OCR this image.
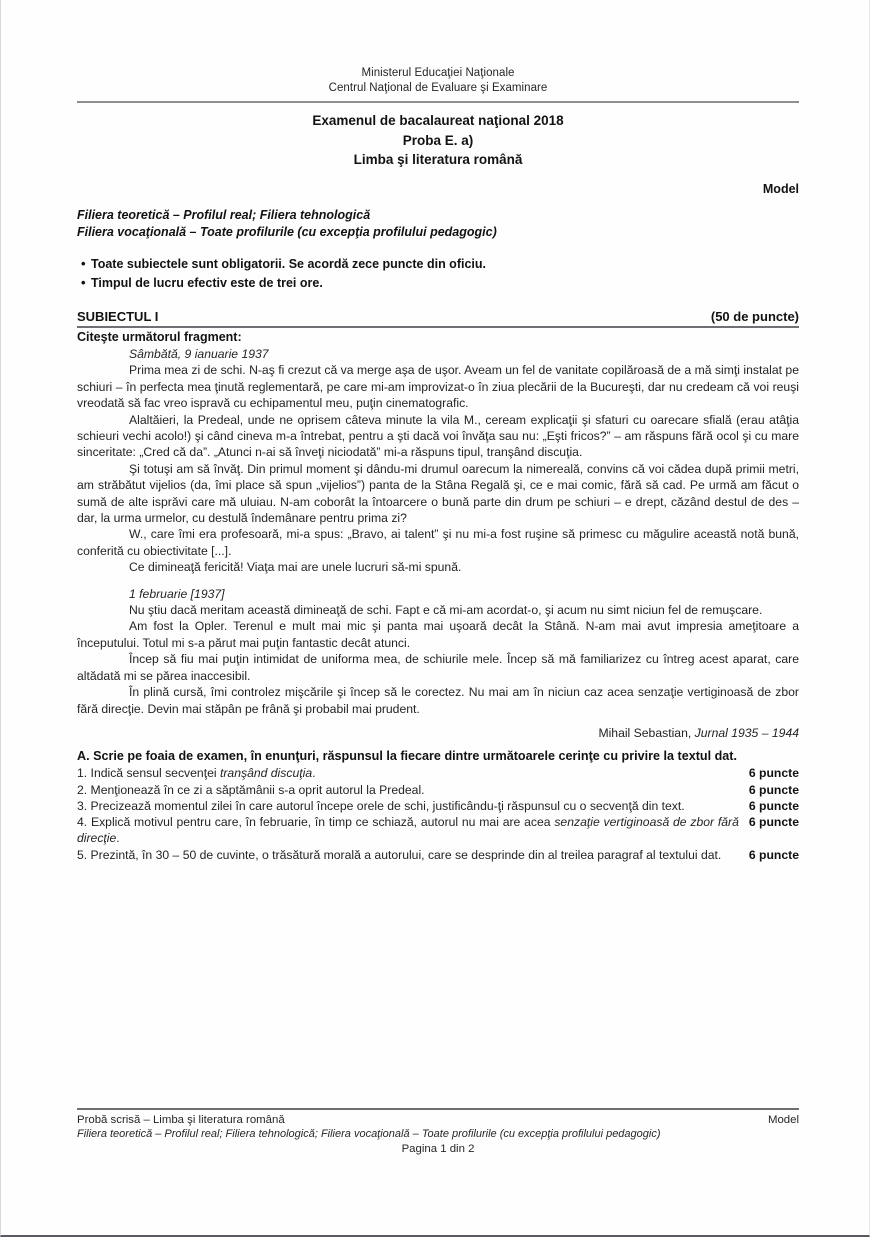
Ministerul Educaţiei Naţionale
Centrul Naţional de Evaluare şi Examinare
Examenul de bacalaureat naţional 2018
Proba E. a)
Limba şi literatura română
Model
Filiera teoretică – Profilul real; Filiera tehnologică
Filiera vocaţională – Toate profilurile (cu excepţia profilului pedagogic)
• Toate subiectele sunt obligatorii. Se acordă zece puncte din oficiu.
• Timpul de lucru efectiv este de trei ore.
SUBIECTUL I	(50 de puncte)
Citeşte următorul fragment:

Sâmbătă, 9 ianuarie 1937

Prima mea zi de schi. N-aş fi crezut că va merge aşa de uşor. Aveam un fel de vanitate copilăroasă de a mă simţi instalat pe schiuri – în perfecta mea ţinută reglementară, pe care mi-am improvizat-o în ziua plecării de la Bucureşti, dar nu credeam că voi reuşi vreodată să fac vreo ispravă cu echipamentul meu, puţin cinematografic.

Alaltăieri, la Predeal, unde ne oprisem câteva minute la vila M., ceream explicaţii şi sfaturi cu oarecare sfială (erau atâţia schieuri vechi acolo!) şi când cineva m-a întrebat, pentru a şti dacă voi învăţa sau nu: „Eşti fricos?” – am răspuns fără ocol şi cu mare sinceritate: „Cred că da”. „Atunci n-ai să înveţi niciodată” mi-a răspuns tipul, tranşând discuţia.

Şi totuşi am să învăţ. Din primul moment şi dându-mi drumul oarecum la nimereală, convins că voi cădea după primii metri, am străbătut vijelios (da, îmi place să spun „vijelios”) panta de la Stâna Regală şi, ce e mai comic, fără să cad. Pe urmă am făcut o sumă de alte isprăvi care mă uluiau. N-am coborât la întoarcere o bună parte din drum pe schiuri – e drept, căzând destul de des – dar, la urma urmelor, cu destulă îndemânare pentru prima zi?

W., care îmi era profesoară, mi-a spus: „Bravo, ai talent” şi nu mi-a fost ruşine să primesc cu măgulire această notă bună, conferită cu obiectivitate [...].

Ce dimineaţă fericită! Viaţa mai are unele lucruri să-mi spună.

1 februarie [1937]

Nu ştiu dacă meritam această dimineaţă de schi. Fapt e că mi-am acordat-o, şi acum nu simt niciun fel de remuşcare.

Am fost la Opler. Terenul e mult mai mic şi panta mai uşoară decât la Stână. N-am mai avut impresia ameţitoare a începutului. Totul mi s-a părut mai puţin fantastic decât atunci.

Încep să fiu mai puţin intimidat de uniforma mea, de schiurile mele. Încep să mă familiarizez cu întreg acest aparat, care altădată mi se părea inaccesibil.

În plină cursă, îmi controlez mişcările şi încep să le corectez. Nu mai am în niciun caz acea senzaţie vertiginoasă de zbor fără direcţie. Devin mai stăpân pe frână şi probabil mai prudent.

Mihail Sebastian, Jurnal 1935 – 1944
A. Scrie pe foaia de examen, în enunţuri, răspunsul la fiecare dintre următoarele cerinţe cu privire la textul dat.
6 puncte
1. Indică sensul secvenţei tranşând discuţia.
6 puncte
2. Menţionează în ce zi a săptămânii s-a oprit autorul la Predeal.
6 puncte
3. Precizează momentul zilei în care autorul începe orele de schi, justificându-ţi răspunsul cu o secvenţă din text.
6 puncte
4. Explică motivul pentru care, în februarie, în timp ce schiază, autorul nu mai are acea senzaţie vertiginoasă de zbor fără direcţie.
6 puncte
5. Prezintă, în 30 – 50 de cuvinte, o trăsătură morală a autorului, care se desprinde din al treilea paragraf al textului dat.
Probă scrisă – Limba şi literatura română	Model
Filiera teoretică – Profilul real; Filiera tehnologică; Filiera vocaţională – Toate profilurile (cu excepţia profilului pedagogic)
Pagina 1 din 2
